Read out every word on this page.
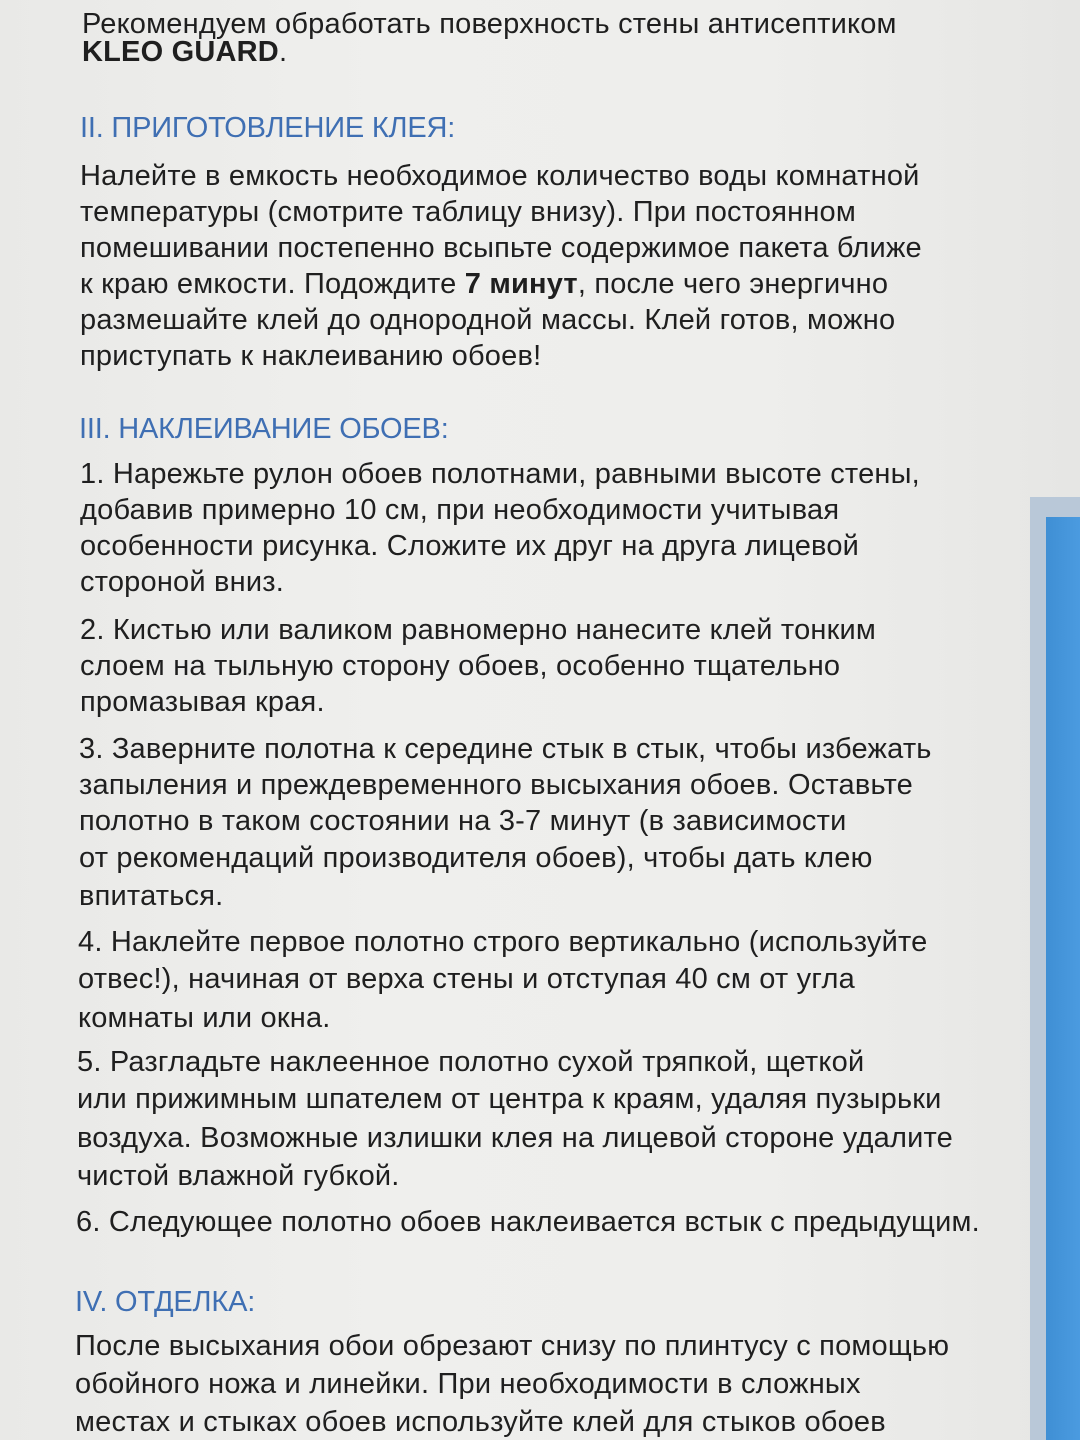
Рекомендуем обработать поверхность стены антисептиком
KLEO GUARD.
II. ПРИГОТОВЛЕНИЕ КЛЕЯ:
Налейте в емкость необходимое количество воды комнатной
температуры (смотрите таблицу внизу). При постоянном
помешивании постепенно всыпьте содержимое пакета ближе
к краю емкости. Подождите 7 минут, после чего энергично
размешайте клей до однородной массы. Клей готов, можно
приступать к наклеиванию обоев!
III. НАКЛЕИВАНИЕ ОБОЕВ:
1. Нарежьте рулон обоев полотнами, равными высоте стены,
добавив примерно 10 см, при необходимости учитывая
особенности рисунка. Сложите их друг на друга лицевой
стороной вниз.
2. Кистью или валиком равномерно нанесите клей тонким
слоем на тыльную сторону обоев, особенно тщательно
промазывая края.
3. Заверните полотна к середине стык в стык, чтобы избежать
запыления и преждевременного высыхания обоев. Оставьте
полотно в таком состоянии на 3-7 минут (в зависимости
от рекомендаций производителя обоев), чтобы дать клею
впитаться.
4. Наклейте первое полотно строго вертикально (используйте
отвес!), начиная от верха стены и отступая 40 см от угла
комнаты или окна.
5. Разгладьте наклеенное полотно сухой тряпкой, щеткой
или прижимным шпателем от центра к краям, удаляя пузырьки
воздуха. Возможные излишки клея на лицевой стороне удалите
чистой влажной губкой.
6. Следующее полотно обоев наклеивается встык с предыдущим.
IV. ОТДЕЛКА:
После высыхания обои обрезают снизу по плинтусу с помощью
обойного ножа и линейки. При необходимости в сложных
местах и стыках обоев используйте клей для стыков обоев
